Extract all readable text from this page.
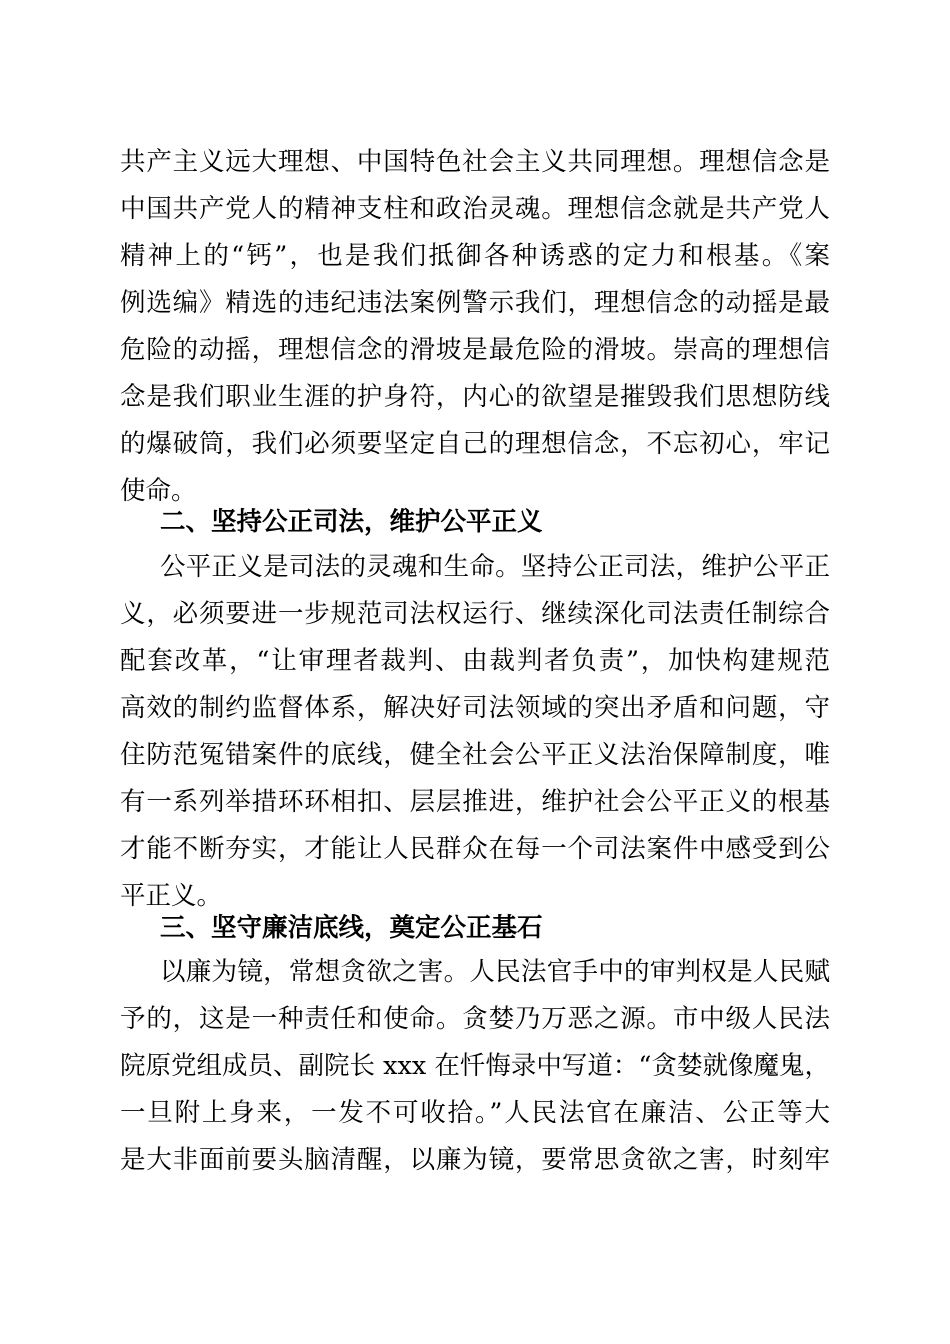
共产主义远大理想、中国特色社会主义共同理想。理想信念是
中国共产党人的精神支柱和政治灵魂。理想信念就是共产党人
精神上的“钙”，也是我们抵御各种诱惑的定力和根基。《案
例选编》精选的违纪违法案例警示我们，理想信念的动摇是最
危险的动摇，理想信念的滑坡是最危险的滑坡。崇高的理想信
念是我们职业生涯的护身符，内心的欲望是摧毁我们思想防线
的爆破筒，我们必须要坚定自己的理想信念，不忘初心，牢记
使命。
二、坚持公正司法，维护公平正义
公平正义是司法的灵魂和生命。坚持公正司法，维护公平正
义，必须要进一步规范司法权运行、继续深化司法责任制综合
配套改革，“让审理者裁判、由裁判者负责”，加快构建规范
高效的制约监督体系，解决好司法领域的突出矛盾和问题，守
住防范冤错案件的底线，健全社会公平正义法治保障制度，唯
有一系列举措环环相扣、层层推进，维护社会公平正义的根基
才能不断夯实，才能让人民群众在每一个司法案件中感受到公
平正义。
三、坚守廉洁底线，奠定公正基石
以廉为镜，常想贪欲之害。人民法官手中的审判权是人民赋
予的，这是一种责任和使命。贪婪乃万恶之源。市中级人民法
院原党组成员、副院长 xxx 在忏悔录中写道：“贪婪就像魔鬼，
一旦附上身来，一发不可收拾。”人民法官在廉洁、公正等大
是大非面前要头脑清醒，以廉为镜，要常思贪欲之害，时刻牢
